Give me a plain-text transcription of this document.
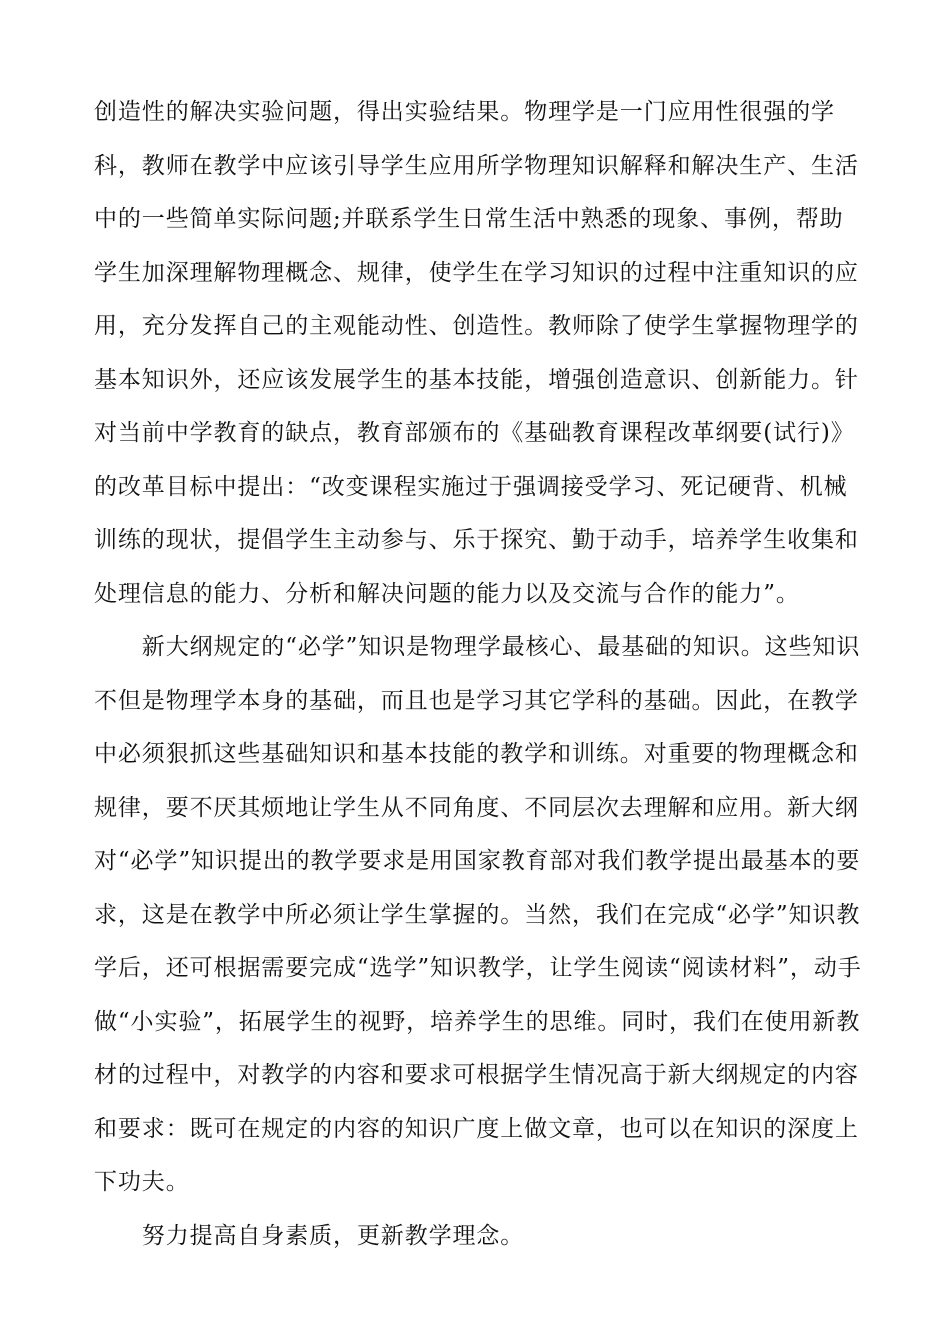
创造性的解决实验问题，得出实验结果。物理学是一门应用性很强的学
科，教师在教学中应该引导学生应用所学物理知识解释和解决生产、生活
中的一些简单实际问题;并联系学生日常生活中熟悉的现象、事例，帮助
学生加深理解物理概念、规律，使学生在学习知识的过程中注重知识的应
用，充分发挥自己的主观能动性、创造性。教师除了使学生掌握物理学的
基本知识外，还应该发展学生的基本技能，增强创造意识、创新能力。针
对当前中学教育的缺点，教育部颁布的《基础教育课程改革纲要(试行)》
的改革目标中提出：“改变课程实施过于强调接受学习、死记硬背、机械
训练的现状，提倡学生主动参与、乐于探究、勤于动手，培养学生收集和
处理信息的能力、分析和解决问题的能力以及交流与合作的能力”。
　　新大纲规定的“必学”知识是物理学最核心、最基础的知识。这些知识
不但是物理学本身的基础，而且也是学习其它学科的基础。因此，在教学
中必须狠抓这些基础知识和基本技能的教学和训练。对重要的物理概念和
规律，要不厌其烦地让学生从不同角度、不同层次去理解和应用。新大纲
对“必学”知识提出的教学要求是用国家教育部对我们教学提出最基本的要
求，这是在教学中所必须让学生掌握的。当然，我们在完成“必学”知识教
学后，还可根据需要完成“选学”知识教学，让学生阅读“阅读材料”，动手
做“小实验”，拓展学生的视野，培养学生的思维。同时，我们在使用新教
材的过程中，对教学的内容和要求可根据学生情况高于新大纲规定的内容
和要求：既可在规定的内容的知识广度上做文章，也可以在知识的深度上
下功夫。
　　努力提高自身素质，更新教学理念。
